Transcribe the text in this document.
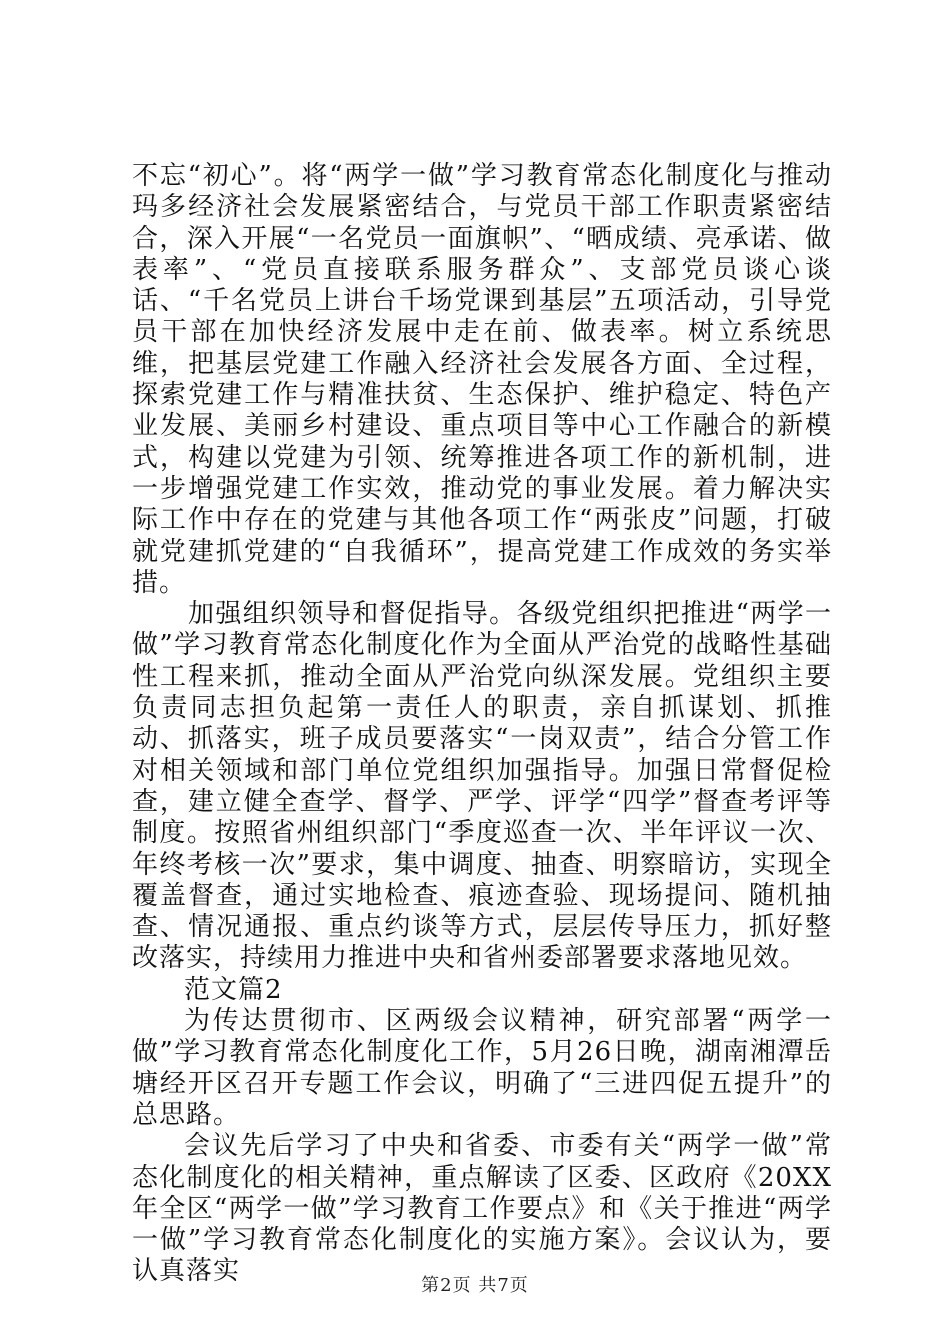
不忘“初心”。将“两学一做”学习教育常态化制度化与推动玛多经济社会发展紧密结合，与党员干部工作职责紧密结合，深入开展“一名党员一面旗帜”、“晒成绩、亮承诺、做表率”、“党员直接联系服务群众”、支部党员谈心谈话、“千名党员上讲台千场党课到基层”五项活动，引导党员干部在加快经济发展中走在前、做表率。树立系统思维，把基层党建工作融入经济社会发展各方面、全过程，探索党建工作与精准扶贫、生态保护、维护稳定、特色产业发展、美丽乡村建设、重点项目等中心工作融合的新模式，构建以党建为引领、统筹推进各项工作的新机制，进一步增强党建工作实效，推动党的事业发展。着力解决实际工作中存在的党建与其他各项工作“两张皮”问题，打破就党建抓党建的“自我循环”，提高党建工作成效的务实举措。

加强组织领导和督促指导。各级党组织把推进“两学一做”学习教育常态化制度化作为全面从严治党的战略性基础性工程来抓，推动全面从严治党向纵深发展。党组织主要负责同志担负起第一责任人的职责，亲自抓谋划、抓推动、抓落实，班子成员要落实“一岗双责”，结合分管工作对相关领域和部门单位党组织加强指导。加强日常督促检查，建立健全查学、督学、严学、评学“四学”督查考评等制度。按照省州组织部门“季度巡查一次、半年评议一次、年终考核一次”要求，集中调度、抽查、明察暗访，实现全覆盖督查，通过实地检查、痕迹查验、现场提问、随机抽查、情况通报、重点约谈等方式，层层传导压力，抓好整改落实，持续用力推进中央和省州委部署要求落地见效。

范文篇2

为传达贯彻市、区两级会议精神，研究部署“两学一做”学习教育常态化制度化工作，5月26日晚，湖南湘潭岳塘经开区召开专题工作会议，明确了“三进四促五提升”的总思路。

会议先后学习了中央和省委、市委有关“两学一做”常态化制度化的相关精神，重点解读了区委、区政府《20XX年全区“两学一做”学习教育工作要点》和《关于推进“两学一做”学习教育常态化制度化的实施方案》。会议认为，要认真落实	第2页 共7页
